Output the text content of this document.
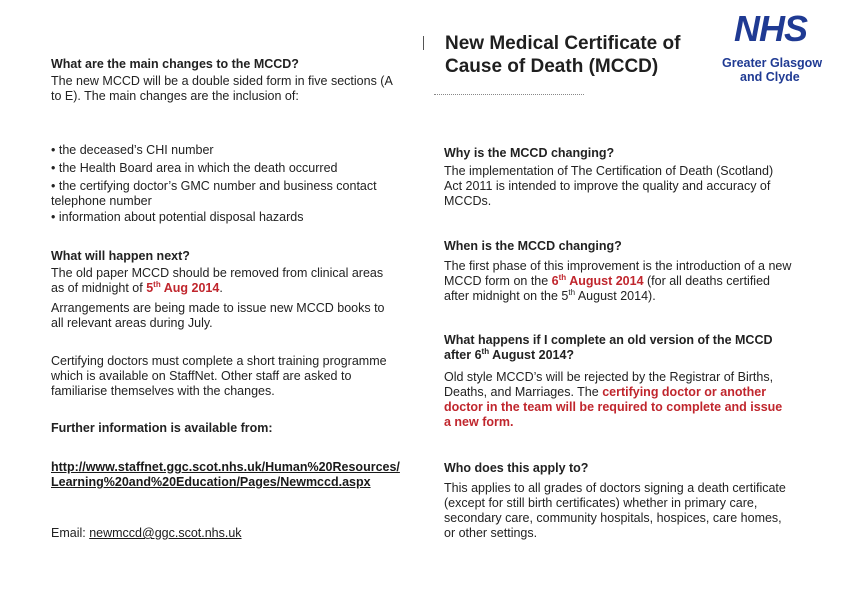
New Medical Certificate of
Cause of Death (MCCD)
NHS
Greater Glasgow
and Clyde
What are the main changes to the MCCD?
The new MCCD will be a double sided form in five sections (A to E). The main changes are the inclusion of:
• the deceased’s CHI number
• the Health Board area in which the death occurred
• the certifying doctor’s GMC number and business contact telephone number
• information about potential disposal hazards
What will happen next?
The old paper MCCD should be removed from clinical areas as of midnight of 5th Aug 2014.
Arrangements are being made to issue new MCCD books to all relevant areas during July.
Certifying doctors must complete a short training programme which is available on StaffNet. Other staff are asked to familiarise themselves with the changes.
Further information is available from:
http://www.staffnet.ggc.scot.nhs.uk/Human%20Resources/Learning%20and%20Education/Pages/Newmccd.aspx
Email: newmccd@ggc.scot.nhs.uk
Why is the MCCD changing?
The implementation of The Certification of Death (Scotland) Act 2011 is intended to improve the quality and accuracy of MCCDs.
When is the MCCD changing?
The first phase of this improvement is the introduction of a new MCCD form on the 6th August 2014 (for all deaths certified after midnight on the 5th August 2014).
What happens if I complete an old version of the MCCD after 6th August 2014?
Old style MCCD’s will be rejected by the Registrar of Births, Deaths, and Marriages. The certifying doctor or another doctor in the team will be required to complete and issue a new form.
Who does this apply to?
This applies to all grades of doctors signing a death certificate (except for still birth certificates) whether in primary care, secondary care, community hospitals, hospices, care homes, or other settings.
